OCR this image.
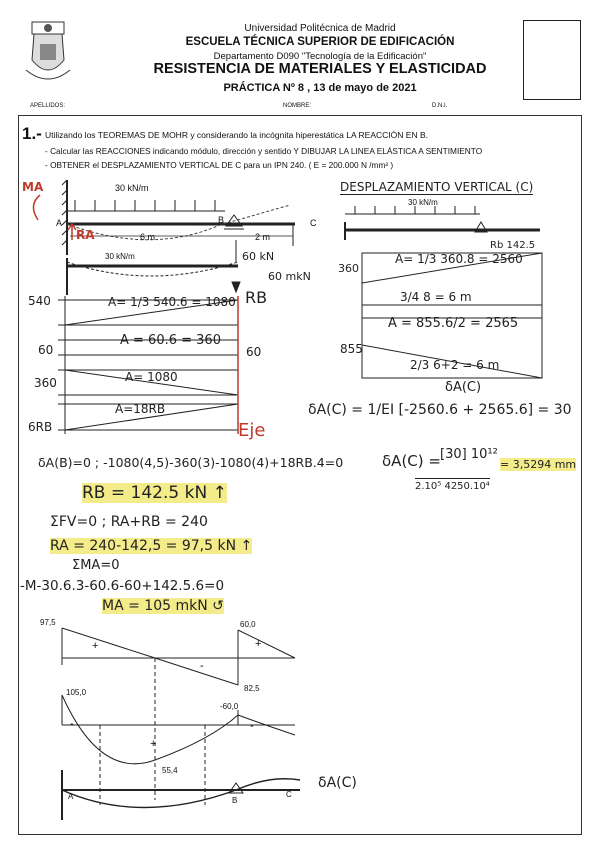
Universidad Politécnica de Madrid
ESCUELA TÉCNICA SUPERIOR DE EDIFICACIÓN
Departamento D090 "Tecnología de la Edificación"
RESISTENCIA DE MATERIALES Y ELASTICIDAD
PRÁCTICA Nº 8 , 13 de mayo de 2021
APELLIDOS:	NOMBRE:	D.N.I.
1.- Utilizando los TEOREMAS DE MOHR y considerando la incógnita hiperestática LA REACCIÓN EN B.
- Calcular las REACCIONES indicando módulo, dirección y sentido Y DIBUJAR LA LINEA ELÁSTICA A SENTIMIENTO
- OBTENER el DESPLAZAMIENTO VERTICAL DE C para un IPN 240. ( E = 200.000 N /mm² )
30 kN/m
A	B	C
6 m	2 m
MA
RA
30 kN/m	60 kN
60 mkN
RB
540	A= 1/3 540.6 = 1080
60
A = 60.6 = 360
60
360	A= 1080
6RB
A=18RB
Eje
δA(B)=0 ; -1080(4,5)-360(3)-1080(4)+18RB.4=0
RB = 142.5 kN ↑
ΣFV=0 ; RA+RB = 240
RA = 240-142,5 = 97,5 kN ↑
ΣMA=0
-M-30.6.3-60.6-60+142.5.6=0
MA = 105 mkN ↺
DESPLAZAMIENTO VERTICAL (C)
30 kN/m
Rb 142.5
360
A= 1/3 360.8 = 2560
3/4 8 = 6 m
A = 855.6/2 = 2565
855
2/3 6+2 = 6 m
δA(C)
δA(C) = 1/EI [-2560.6 + 2565.6] = 30
δA(C) = [30] 10¹²
2.10⁵ 4250.10⁴
= 3,5294 mm
97,5	60,0
82,5
+
-
+
105,0
-60,0
55,4
-
+
-
A	B
C
δA(C)
